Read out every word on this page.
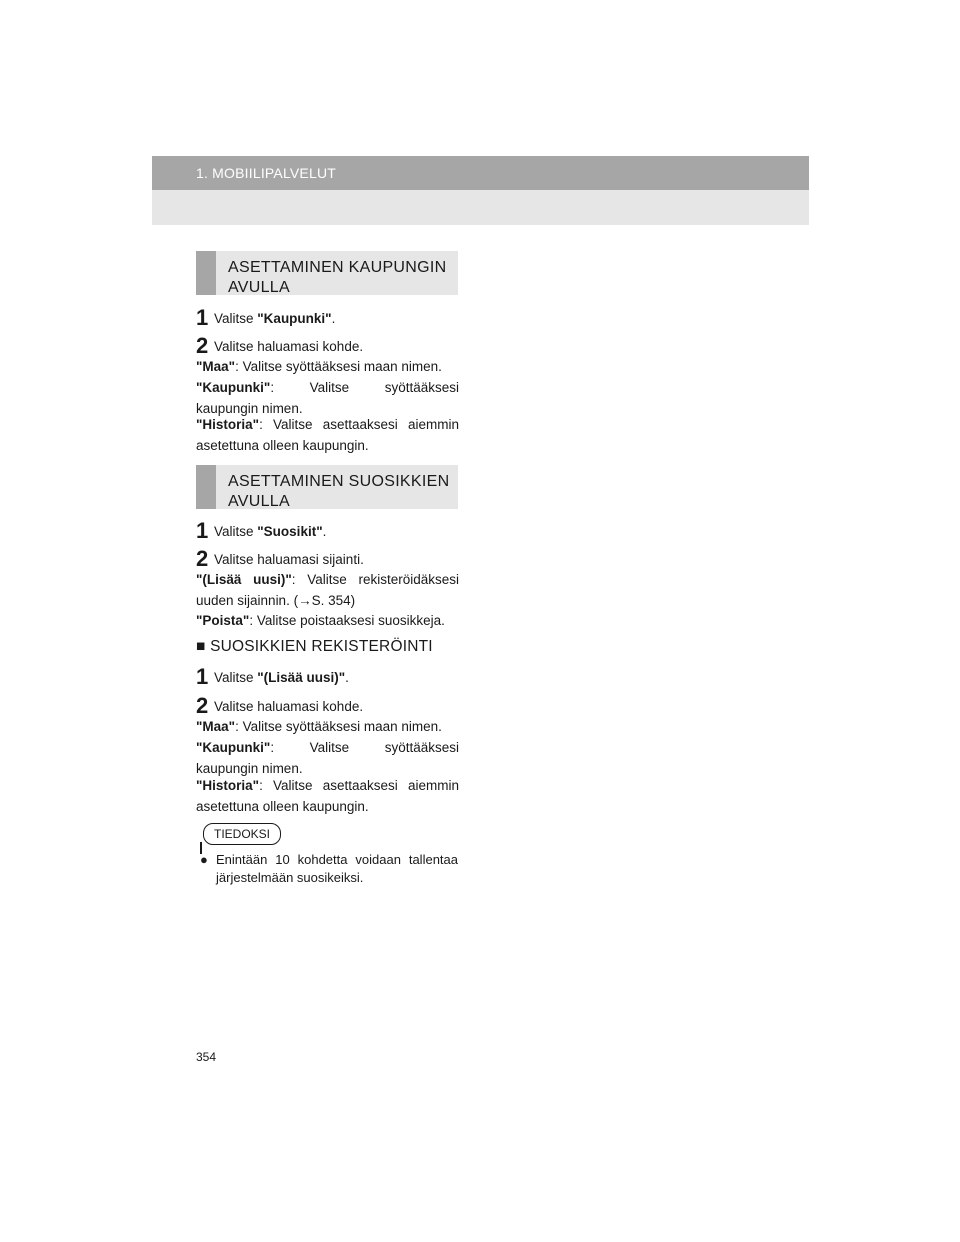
1. MOBIILIPALVELUT
ASETTAMINEN KAUPUNGIN AVULLA
1 Valitse "Kaupunki".
2 Valitse haluamasi kohde.
"Maa": Valitse syöttääksesi maan nimen.
"Kaupunki": Valitse syöttääksesi kaupungin nimen.
"Historia": Valitse asettaaksesi aiemmin asetettuna olleen kaupungin.
ASETTAMINEN SUOSIKKIEN AVULLA
1 Valitse "Suosikit".
2 Valitse haluamasi sijainti.
"(Lisää uusi)": Valitse rekisteröidäksesi uuden sijainnin. (→S. 354)
"Poista": Valitse poistaaksesi suosikkeja.
■ SUOSIKKIEN REKISTERÖINTI
1 Valitse "(Lisää uusi)".
2 Valitse haluamasi kohde.
"Maa": Valitse syöttääksesi maan nimen.
"Kaupunki": Valitse syöttääksesi kaupungin nimen.
"Historia": Valitse asettaaksesi aiemmin asetettuna olleen kaupungin.
TIEDOKSI
● Enintään 10 kohdetta voidaan tallentaa järjestelmään suosikeiksi.
354
